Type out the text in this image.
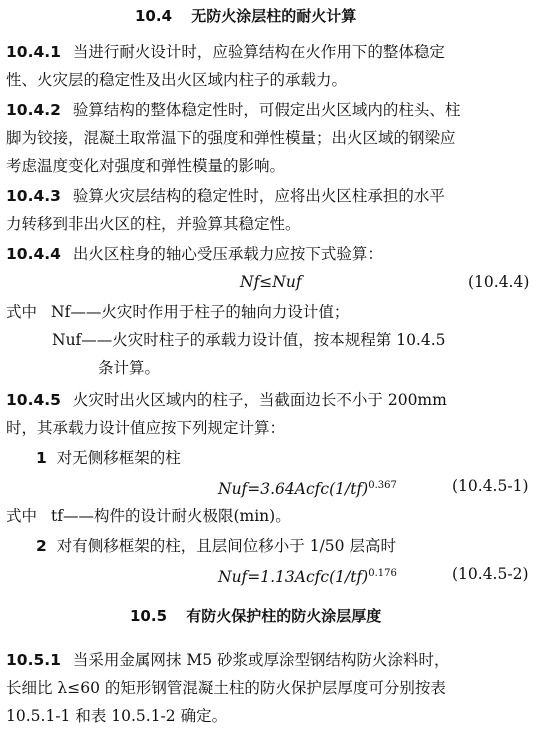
10.4 无防火涂层柱的耐火计算
10.4.1 当进行耐火设计时，应验算结构在火作用下的整体稳定
性、火灾层的稳定性及出火区域内柱子的承载力。
10.4.2 验算结构的整体稳定性时，可假定出火区域内的柱头、柱
脚为铰接，混凝土取常温下的强度和弹性模量；出火区域的钢梁应
考虑温度变化对强度和弹性模量的影响。
10.4.3 验算火灾层结构的稳定性时，应将出火区柱承担的水平
力转移到非出火区的柱，并验算其稳定性。
10.4.4 出火区柱身的轴心受压承载力应按下式验算：
Nf≤Nuf	(10.4.4)
式中 Nf——火灾时作用于柱子的轴向力设计值；
Nuf——火灾时柱子的承载力设计值，按本规程第 10.4.5
条计算。
10.4.5 火灾时出火区域内的柱子，当截面边长不小于 200mm
时，其承载力设计值应按下列规定计算：
1 对无侧移框架的柱
$Nuf=3.64Acfc(1/tf)^{0.367}$	(10.4.5-1)
式中 tf——构件的设计耐火极限(min)。
2 对有侧移框架的柱，且层间位移小于 1/50 层高时
$Nuf=1.13Acfc(1/tf)^{0.176}$	(10.4.5-2)
10.5 有防火保护柱的防火涂层厚度
10.5.1 当采用金属网抹 M5 砂浆或厚涂型钢结构防火涂料时，
长细比 λ≤60 的矩形钢管混凝土柱的防火保护层厚度可分别按表
10.5.1-1 和表 10.5.1-2 确定。
